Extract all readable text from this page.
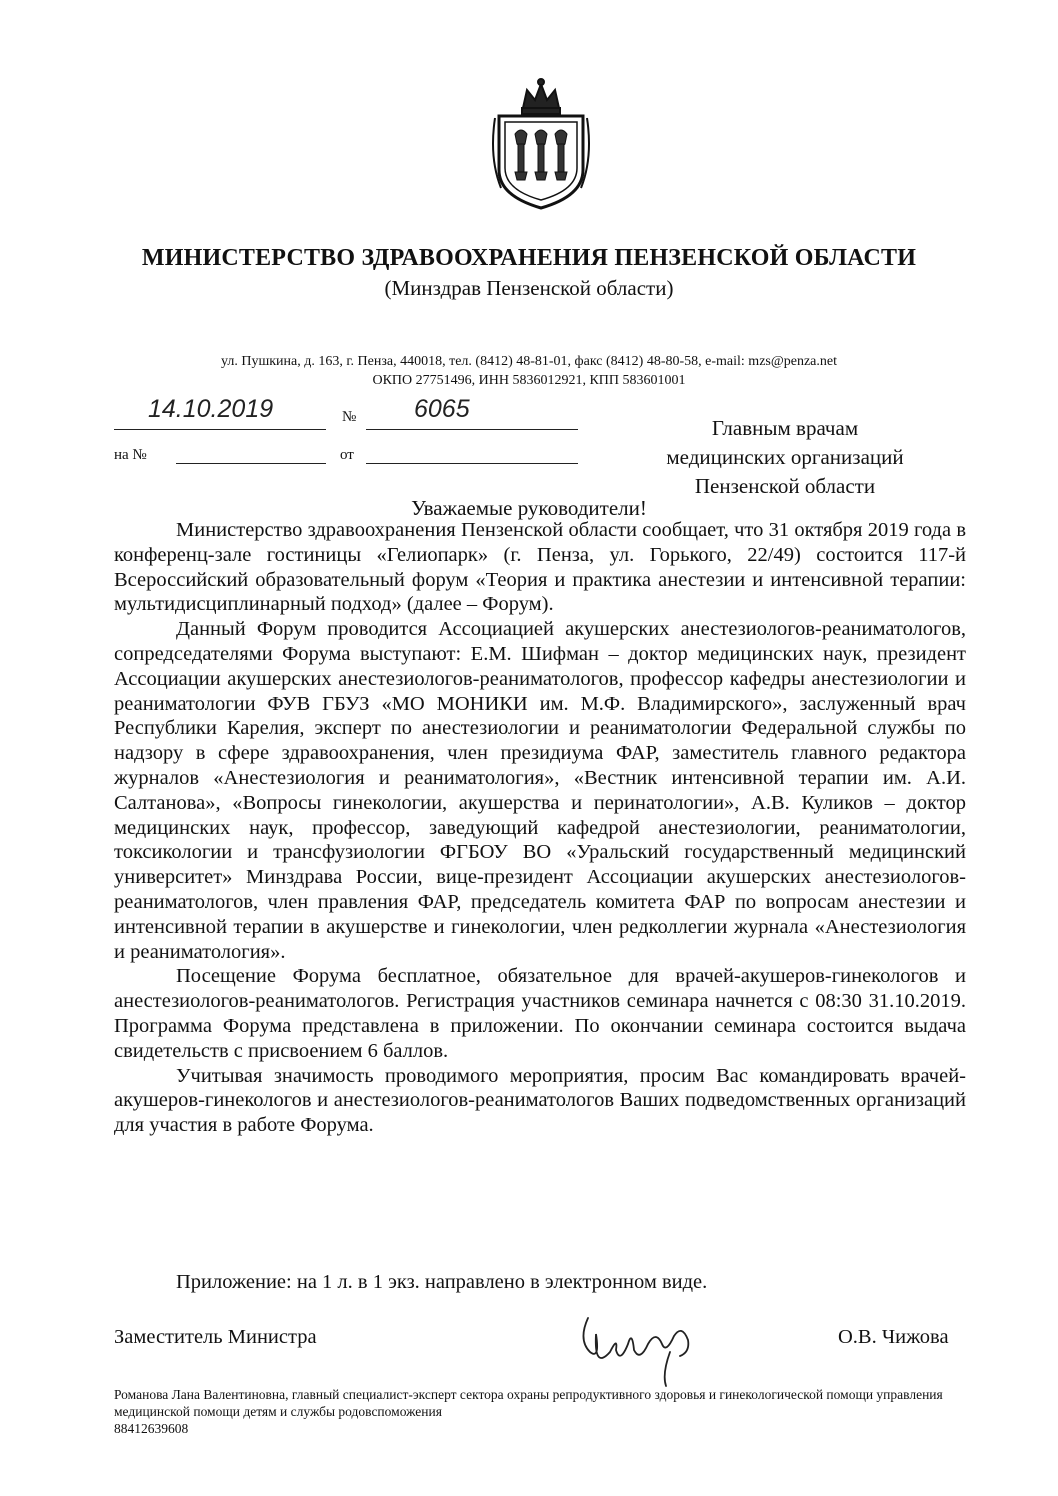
МИНИСТЕРСТВО ЗДРАВООХРАНЕНИЯ ПЕНЗЕНСКОЙ ОБЛАСТИ
(Минздрав Пензенской области)
ул. Пушкина, д. 163, г. Пенза, 440018, тел. (8412) 48-81-01, факс (8412) 48-80-58, e-mail: mzs@penza.net
ОКПО 27751496, ИНН 5836012921, КПП 583601001
14.10.2019	№ 6065
на №	от
Главным врачам
медицинских организаций
Пензенской области
Уважаемые руководители!

Министерство здравоохранения Пензенской области сообщает, что 31 октября 2019 года в конференц-зале гостиницы «Гелиопарк» (г. Пенза, ул. Горького, 22/49) состоится 117-й Всероссийский образовательный форум «Теория и практика анестезии и интенсивной терапии: мультидисциплинарный подход» (далее – Форум).

Данный Форум проводится Ассоциацией акушерских анестезиологов-реаниматологов, сопредседателями Форума выступают: Е.М. Шифман – доктор медицинских наук, президент Ассоциации акушерских анестезиологов-реаниматологов, профессор кафедры анестезиологии и реаниматологии ФУВ ГБУЗ «МО МОНИКИ им. М.Ф. Владимирского», заслуженный врач Республики Карелия, эксперт по анестезиологии и реаниматологии Федеральной службы по надзору в сфере здравоохранения, член президиума ФАР, заместитель главного редактора журналов «Анестезиология и реаниматология», «Вестник интенсивной терапии им. А.И. Салтанова», «Вопросы гинекологии, акушерства и перинатологии», А.В. Куликов – доктор медицинских наук, профессор, заведующий кафедрой анестезиологии, реаниматологии, токсикологии и трансфузиологии ФГБОУ ВО «Уральский государственный медицинский университет» Минздрава России, вице-президент Ассоциации акушерских анестезиологов-реаниматологов, член правления ФАР, председатель комитета ФАР по вопросам анестезии и интенсивной терапии в акушерстве и гинекологии, член редколлегии журнала «Анестезиология и реаниматология».

Посещение Форума бесплатное, обязательное для врачей-акушеров-гинекологов и анестезиологов-реаниматологов. Регистрация участников семинара начнется с 08:30 31.10.2019. Программа Форума представлена в приложении. По окончании семинара состоится выдача свидетельств с присвоением 6 баллов.

Учитывая значимость проводимого мероприятия, просим Вас командировать врачей-акушеров-гинекологов и анестезиологов-реаниматологов Ваших подведомственных организаций для участия в работе Форума.

Приложение: на 1 л. в 1 экз. направлено в электронном виде.
Заместитель Министра	О.В. Чижова
Романова Лана Валентиновна, главный специалист-эксперт сектора охраны репродуктивного здоровья и гинекологической помощи управления медицинской помощи детям и службы родовспоможения
88412639608
